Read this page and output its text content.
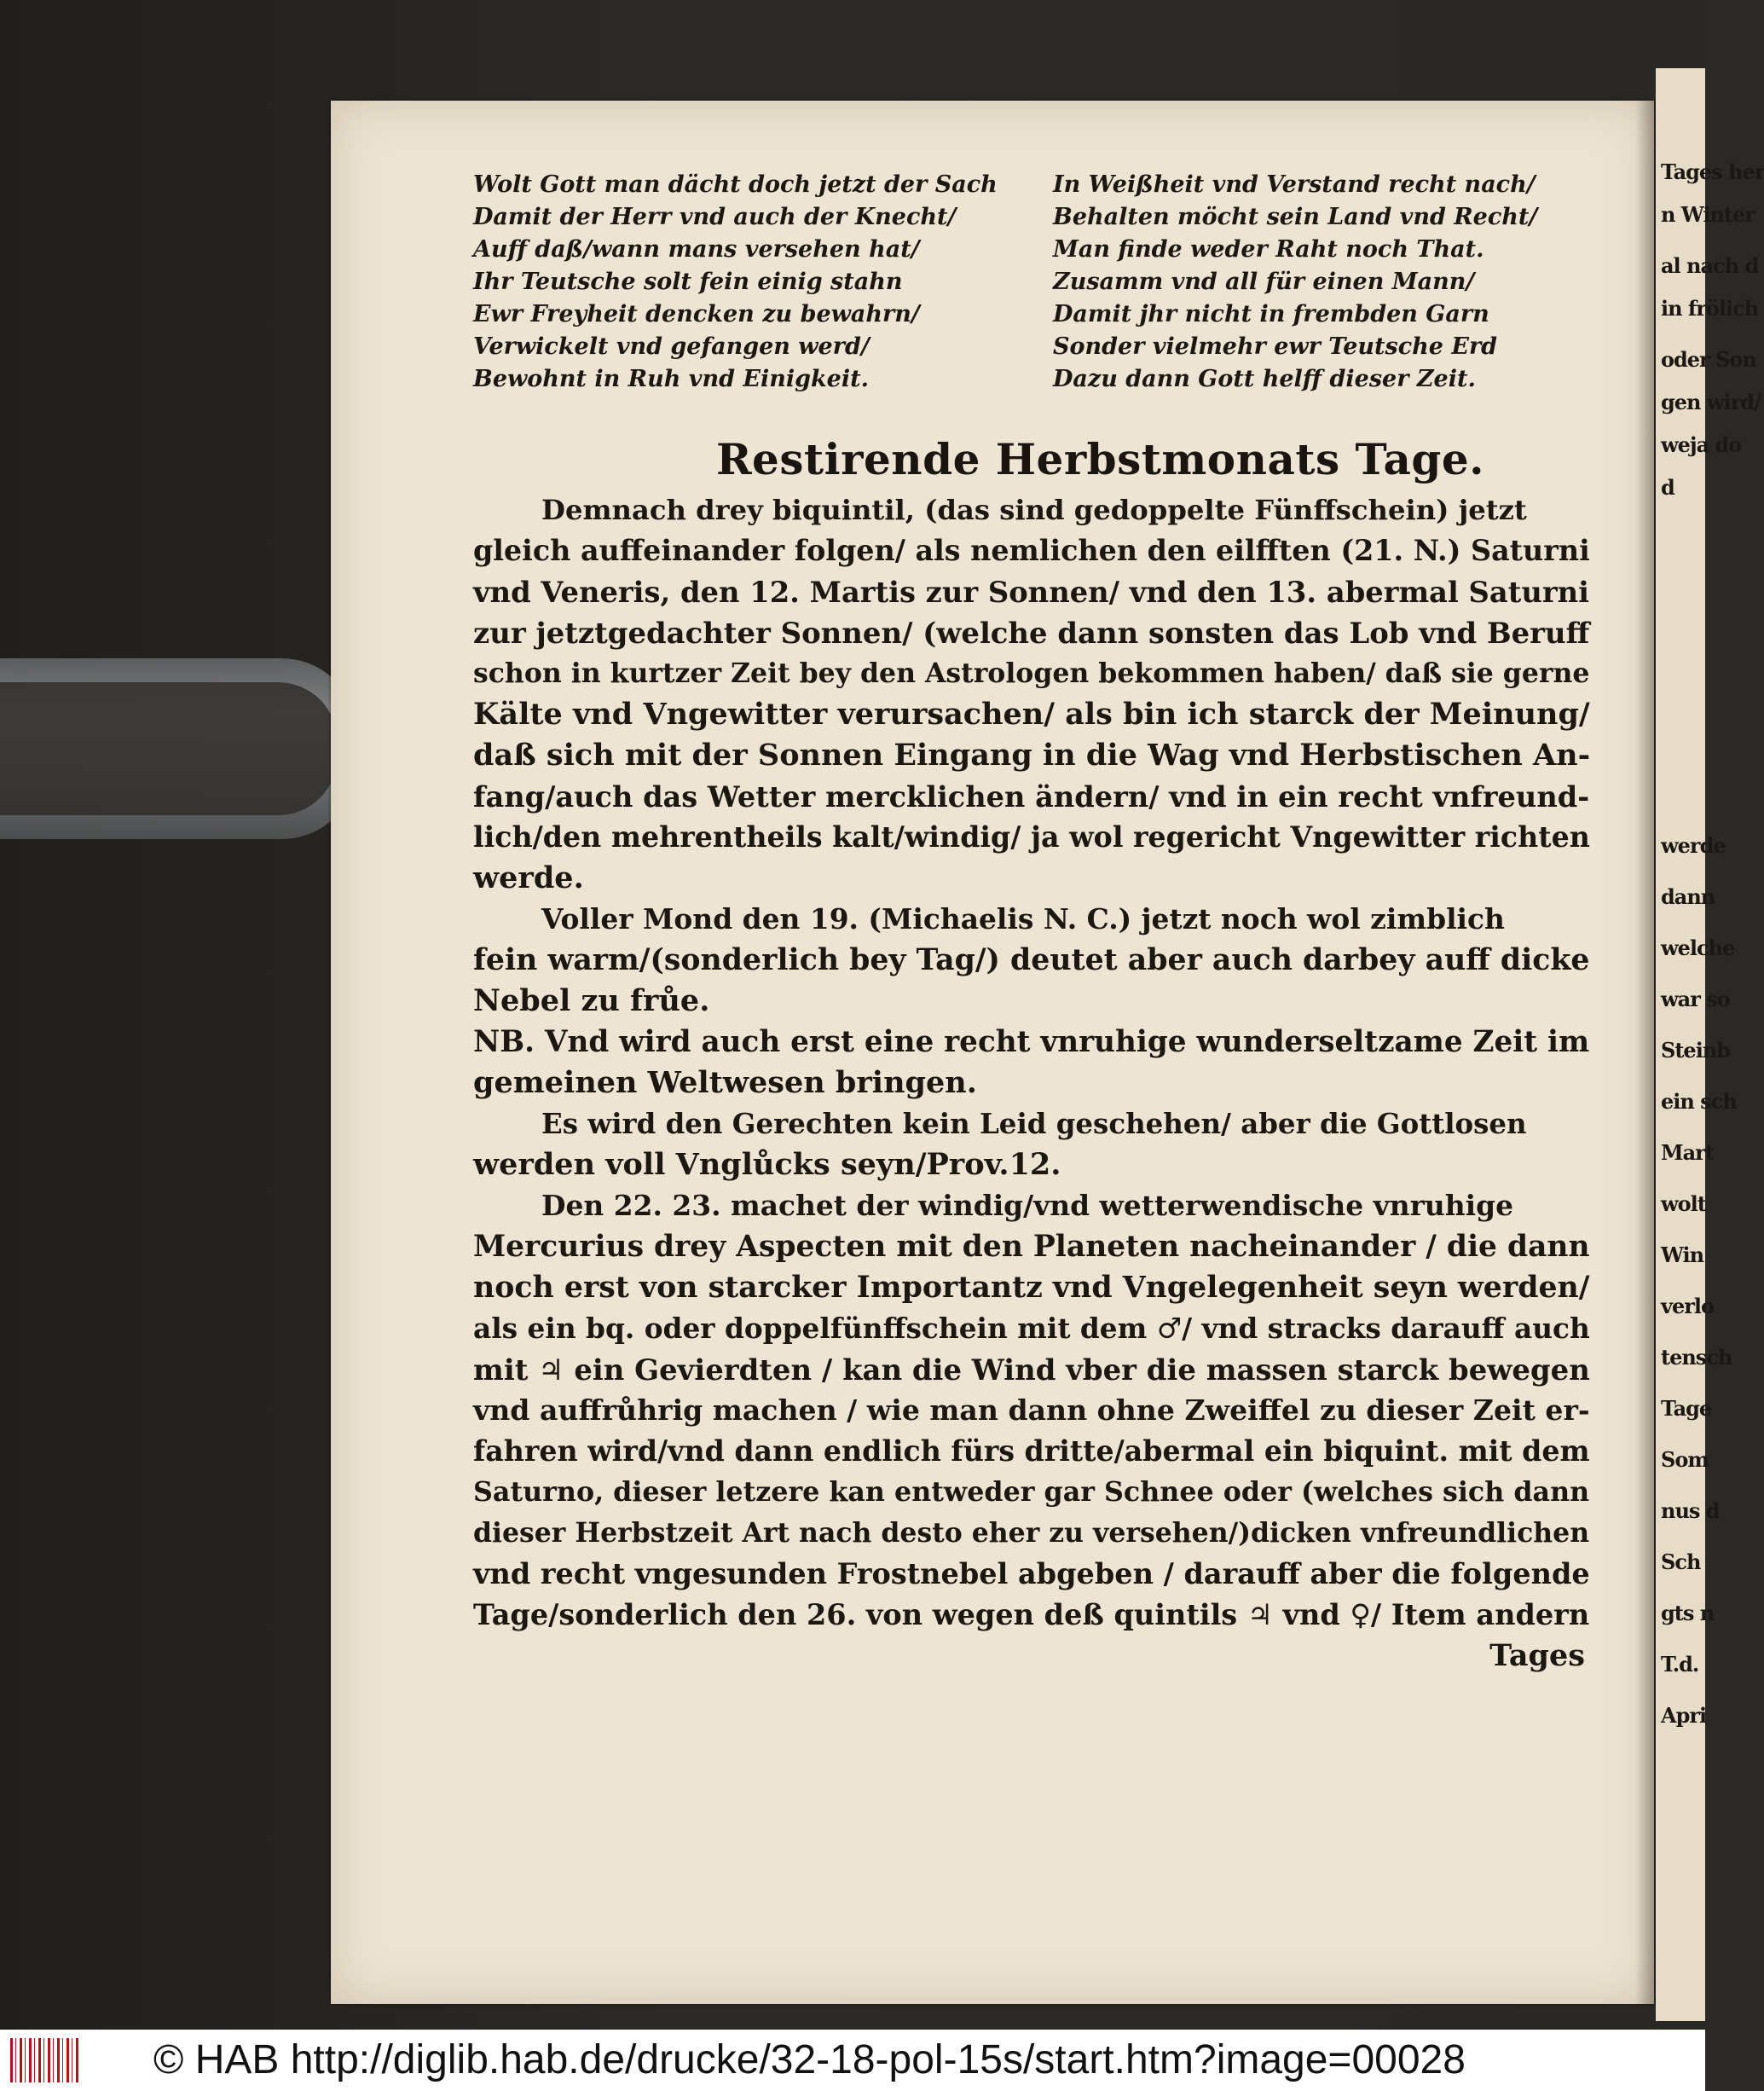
Tages her
n Winter
al nach d
in frölich
oder Son
gen wird/
weja do
d
werde
dann
welche
war so
Steinb
ein sch
Mart
wolt
Win
verlo
tensch
Tage
Som
nus d
Sch
gts n
T.d.
Apri
Wolt Gott man dächt doch jetzt der Sach In Weißheit vnd Verstand recht nach/
Damit der Herr vnd auch der Knecht/	Behalten möcht sein Land vnd Recht/
Auff daß/wann mans versehen hat/	Man finde weder Raht noch That.
Ihr Teutsche solt fein einig stahn	Zusamm vnd all für einen Mann/
Ewr Freyheit dencken zu bewahrn/	Damit jhr nicht in frembden Garn
Verwickelt vnd gefangen werd/	Sonder vielmehr ewr Teutsche Erd
Bewohnt in Ruh vnd Einigkeit.	Dazu dann Gott helff dieser Zeit.
Restirende Herbstmonats Tage.
Demnach drey biquintil, (das sind gedoppelte Fünffschein) jetzt
gleich auffeinander folgen/ als nemlichen den eilfften (21. N.) Saturni
vnd Veneris, den 12. Martis zur Sonnen/ vnd den 13. abermal Saturni
zur jetztgedachter Sonnen/ (welche dann sonsten das Lob vnd Beruff
schon in kurtzer Zeit bey den Astrologen bekommen haben/ daß sie gerne
Kälte vnd Vngewitter verursachen/ als bin ich starck der Meinung/
daß sich mit der Sonnen Eingang in die Wag vnd Herbstischen An-
fang/auch das Wetter mercklichen ändern/ vnd in ein recht vnfreund-
lich/den mehrentheils kalt/windig/ ja wol regericht Vngewitter richten
werde.
Voller Mond den 19. (Michaelis N. C.) jetzt noch wol zimblich
fein warm/(sonderlich bey Tag/) deutet aber auch darbey auff dicke
Nebel zu frůe.
NB. Vnd wird auch erst eine recht vnruhige wunderseltzame Zeit im
gemeinen Weltwesen bringen.
Es wird den Gerechten kein Leid geschehen/ aber die Gottlosen
werden voll Vnglůcks seyn/Prov.12.
Den 22. 23. machet der windig/vnd wetterwendische vnruhige
Mercurius drey Aspecten mit den Planeten nacheinander / die dann
noch erst von starcker Importantz vnd Vngelegenheit seyn werden/
als ein bq. oder doppelfünffschein mit dem ♂/ vnd stracks darauff auch
mit ♃ ein Gevierdten / kan die Wind vber die massen starck bewegen
vnd auffrůhrig machen / wie man dann ohne Zweiffel zu dieser Zeit er-
fahren wird/vnd dann endlich fürs dritte/abermal ein biquint. mit dem
Saturno, dieser letzere kan entweder gar Schnee oder (welches sich dann
dieser Herbstzeit Art nach desto eher zu versehen/)dicken vnfreundlichen
vnd recht vngesunden Frostnebel abgeben / darauff aber die folgende
Tage/sonderlich den 26. von wegen deß quintils ♃ vnd ♀/ Item andern
Tages
© HAB http://diglib.hab.de/drucke/32-18-pol-15s/start.htm?image=00028
